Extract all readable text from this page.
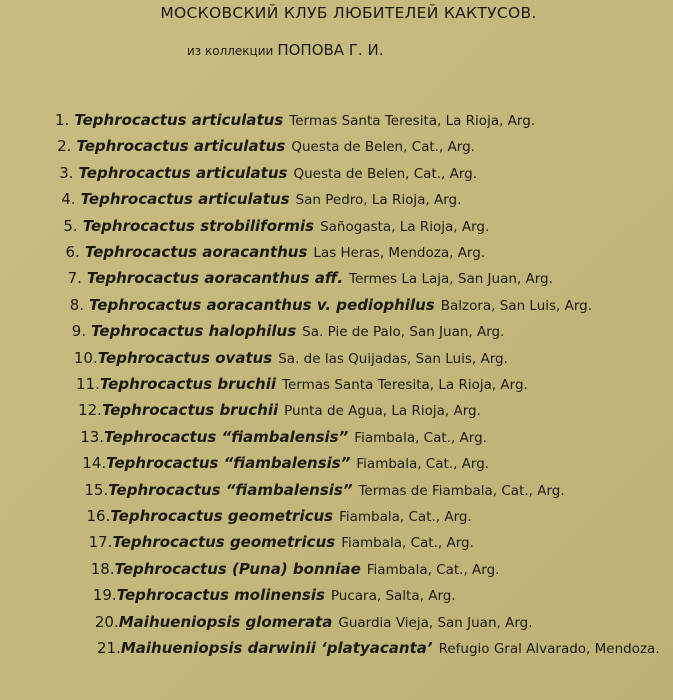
МОСКОВСКИЙ КЛУБ ЛЮБИТЕЛЕЙ КАКТУСОВ.
из коллекции ПОПОВА Г. И.
1. Tephrocactus articulatus Termas Santa Teresita, La Rioja, Arg.
2. Tephrocactus articulatus Questa de Belen, Cat., Arg.
3. Tephrocactus articulatus Questa de Belen, Cat., Arg.
4. Tephrocactus articulatus San Pedro, La Rioja, Arg.
5. Tephrocactus strobiliformis Sañogasta, La Rioja, Arg.
6. Tephrocactus aoracanthus Las Heras, Mendoza, Arg.
7. Tephrocactus aoracanthus aff. Termes La Laja, San Juan, Arg.
8. Tephrocactus aoracanthus v. pediophilus Balzora, San Luis, Arg.
9. Tephrocactus halophilus Sa. Pie de Palo, San Juan, Arg.
10.Tephrocactus ovatus Sa. de las Quijadas, San Luis, Arg.
11.Tephrocactus bruchii Termas Santa Teresita, La Rioja, Arg.
12.Tephrocactus bruchii Punta de Agua, La Rioja, Arg.
13.Tephrocactus “fiambalensis” Fiambala, Cat., Arg.
14.Tephrocactus “fiambalensis” Fiambala, Cat., Arg.
15.Tephrocactus “fiambalensis” Termas de Fiambala, Cat., Arg.
16.Tephrocactus geometricus Fiambala, Cat., Arg.
17.Tephrocactus geometricus Fiambala, Cat., Arg.
18.Tephrocactus (Puna) bonniae Fiambala, Cat., Arg.
19.Tephrocactus molinensis Pucara, Salta, Arg.
20.Maihueniopsis glomerata Guardia Vieja, San Juan, Arg.
21.Maihueniopsis darwinii ‘platyacanta’ Refugio Gral Alvarado, Mendoza.
